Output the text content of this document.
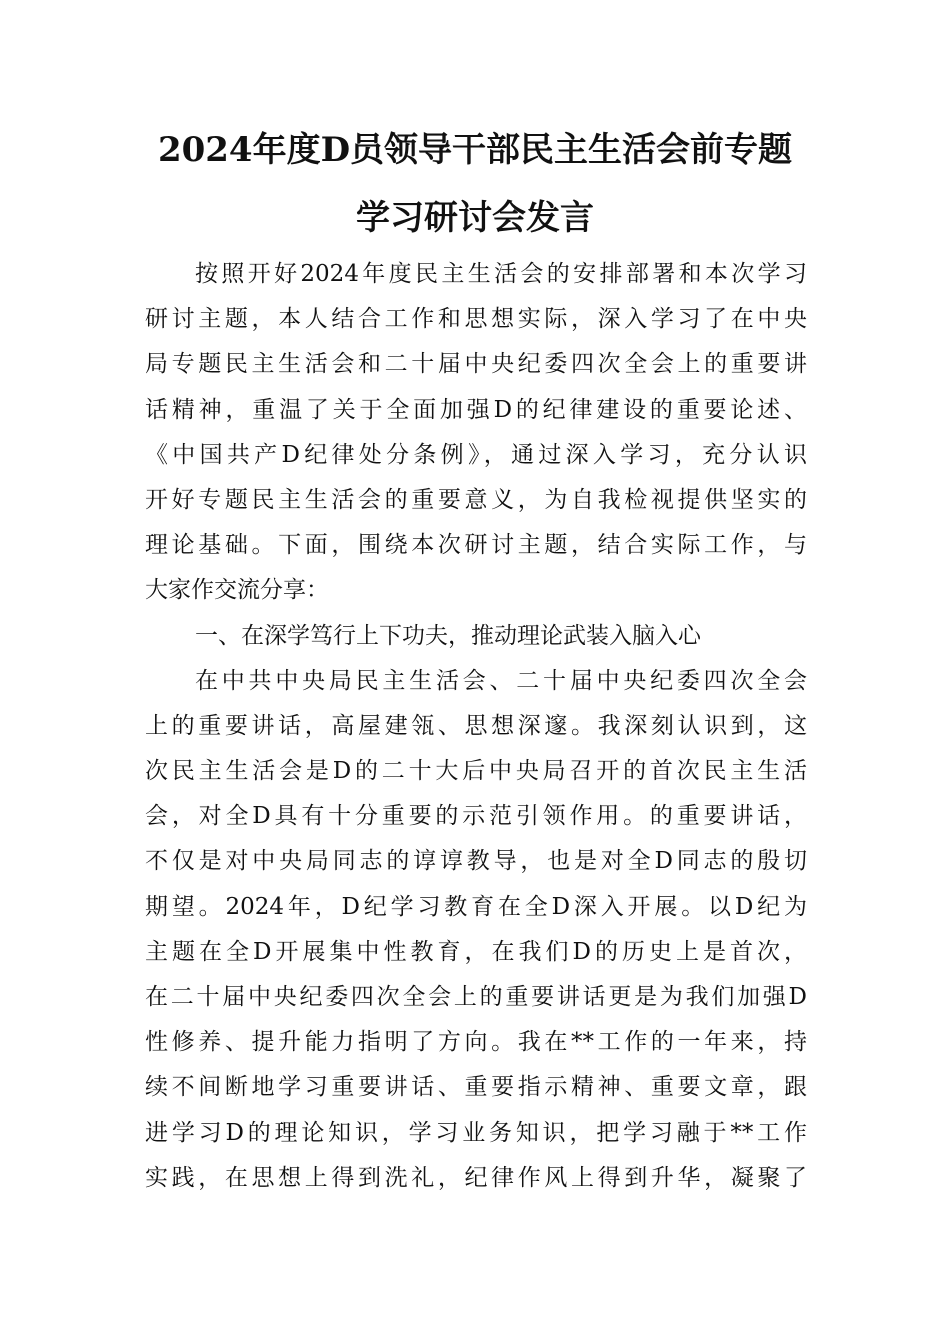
2024年度D员领导干部民主生活会前专题
学习研讨会发言
按照开好2024年度民主生活会的安排部署和本次学习
研讨主题，本人结合工作和思想实际，深入学习了在中央
局专题民主生活会和二十届中央纪委四次全会上的重要讲
话精神，重温了关于全面加强D的纪律建设的重要论述、
《中国共产D纪律处分条例》，通过深入学习，充分认识
开好专题民主生活会的重要意义，为自我检视提供坚实的
理论基础。下面，围绕本次研讨主题，结合实际工作，与
大家作交流分享：
一、在深学笃行上下功夫，推动理论武装入脑入心
在中共中央局民主生活会、二十届中央纪委四次全会
上的重要讲话，高屋建瓴、思想深邃。我深刻认识到，这
次民主生活会是D的二十大后中央局召开的首次民主生活
会，对全D具有十分重要的示范引领作用。的重要讲话，
不仅是对中央局同志的谆谆教导，也是对全D同志的殷切
期望。2024年，D纪学习教育在全D深入开展。以D纪为
主题在全D开展集中性教育，在我们D的历史上是首次，
在二十届中央纪委四次全会上的重要讲话更是为我们加强D
性修养、提升能力指明了方向。我在**工作的一年来，持
续不间断地学习重要讲话、重要指示精神、重要文章，跟
进学习D的理论知识，学习业务知识，把学习融于**工作
实践，在思想上得到洗礼，纪律作风上得到升华，凝聚了
